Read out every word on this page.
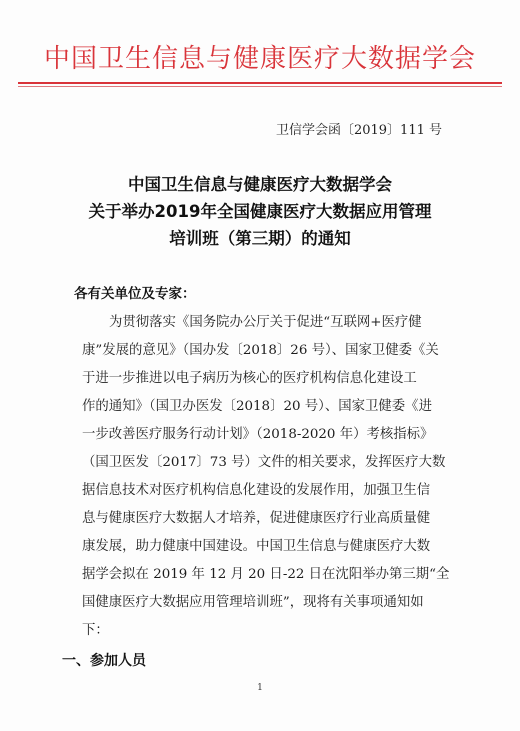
中国卫生信息与健康医疗大数据学会
卫信学会函〔2019〕111 号
中国卫生信息与健康医疗大数据学会
关于举办2019年全国健康医疗大数据应用管理
培训班（第三期）的通知
各有关单位及专家：
为贯彻落实《国务院办公厅关于促进“互联网+医疗健
康”发展的意见》（国办发〔2018〕26 号）、国家卫健委《关
于进一步推进以电子病历为核心的医疗机构信息化建设工
作的通知》（国卫办医发〔2018〕20 号）、国家卫健委《进
一步改善医疗服务行动计划》（2018-2020 年）考核指标》
（国卫医发〔2017〕73 号）文件的相关要求，发挥医疗大数
据信息技术对医疗机构信息化建设的发展作用，加强卫生信
息与健康医疗大数据人才培养，促进健康医疗行业高质量健
康发展，助力健康中国建设。中国卫生信息与健康医疗大数
据学会拟在 2019 年 12 月 20 日-22 日在沈阳举办第三期“全
国健康医疗大数据应用管理培训班”，现将有关事项通知如
下：
一、参加人员
1
